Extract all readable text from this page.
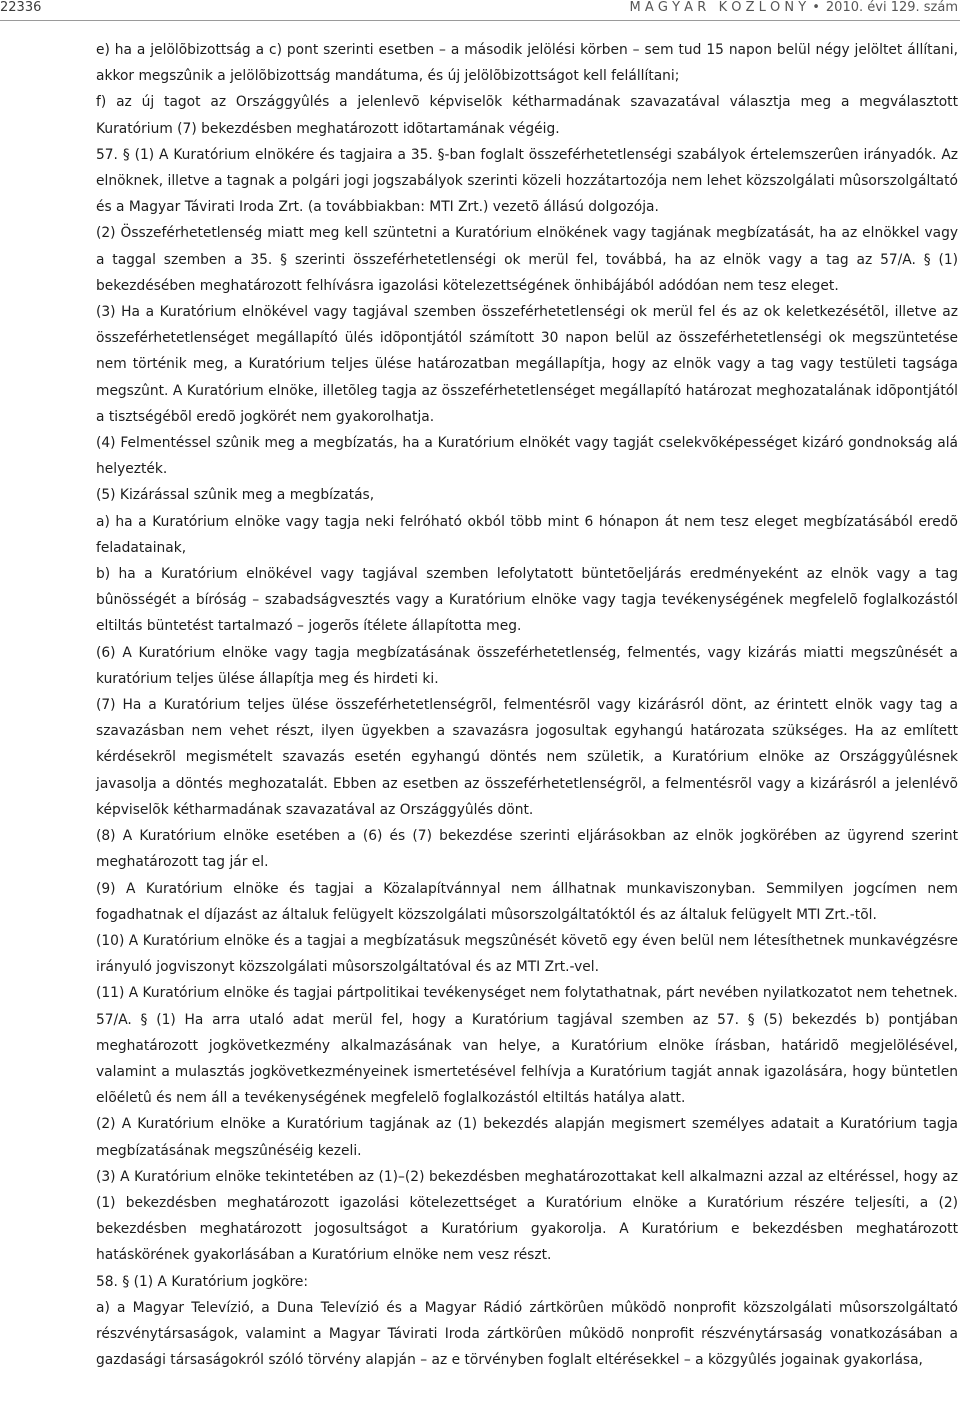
22336	M A G Y A R   K Ö Z L Ö N Y • 2010. évi 129. szám

e) ha a jelölõbizottság a c) pont szerinti esetben – a második jelölési körben – sem tud 15 napon belül négy jelöltet állítani, akkor megszûnik a jelölõbizottság mandátuma, és új jelölõbizottságot kell felállítani;

f) az új tagot az Országgyûlés a jelenlevõ képviselõk kétharmadának szavazatával választja meg a megválasztott Kuratórium (7) bekezdésben meghatározott idõtartamának végéig.

57. § (1) A Kuratórium elnökére és tagjaira a 35. §-ban foglalt összeférhetetlenségi szabályok értelemszerûen irányadók. Az elnöknek, illetve a tagnak a polgári jogi jogszabályok szerinti közeli hozzátartozója nem lehet közszolgálati mûsorszolgáltató és a Magyar Távirati Iroda Zrt. (a továbbiakban: MTI Zrt.) vezetõ állású dolgozója.

(2) Összeférhetetlenség miatt meg kell szüntetni a Kuratórium elnökének vagy tagjának megbízatását, ha az elnökkel vagy a taggal szemben a 35. § szerinti összeférhetetlenségi ok merül fel, továbbá, ha az elnök vagy a tag az 57/A. § (1) bekezdésében meghatározott felhívásra igazolási kötelezettségének önhibájából adódóan nem tesz eleget.

(3) Ha a Kuratórium elnökével vagy tagjával szemben összeférhetetlenségi ok merül fel és az ok keletkezésétõl, illetve az összeférhetetlenséget megállapító ülés idõpontjától számított 30 napon belül az összeférhetetlenségi ok megszüntetése nem történik meg, a Kuratórium teljes ülése határozatban megállapítja, hogy az elnök vagy a tag vagy testületi tagsága megszûnt. A Kuratórium elnöke, illetõleg tagja az összeférhetetlenséget megállapító határozat meghozatalának idõpontjától a tisztségébõl eredõ jogkörét nem gyakorolhatja.

(4) Felmentéssel szûnik meg a megbízatás, ha a Kuratórium elnökét vagy tagját cselekvõképességet kizáró gondnokság alá helyezték.

(5) Kizárással szûnik meg a megbízatás,

a) ha a Kuratórium elnöke vagy tagja neki felróható okból több mint 6 hónapon át nem tesz eleget megbízatásából eredõ feladatainak,

b) ha a Kuratórium elnökével vagy tagjával szemben lefolytatott büntetõeljárás eredményeként az elnök vagy a tag bûnösségét a bíróság – szabadságvesztés vagy a Kuratórium elnöke vagy tagja tevékenységének megfelelõ foglalkozástól eltiltás büntetést tartalmazó – jogerõs ítélete állapította meg.

(6) A Kuratórium elnöke vagy tagja megbízatásának összeférhetetlenség, felmentés, vagy kizárás miatti megszûnését a kuratórium teljes ülése állapítja meg és hirdeti ki.

(7) Ha a Kuratórium teljes ülése összeférhetetlenségrõl, felmentésrõl vagy kizárásról dönt, az érintett elnök vagy tag a szavazásban nem vehet részt, ilyen ügyekben a szavazásra jogosultak egyhangú határozata szükséges. Ha az említett kérdésekrõl megismételt szavazás esetén egyhangú döntés nem születik, a Kuratórium elnöke az Országgyûlésnek javasolja a döntés meghozatalát. Ebben az esetben az összeférhetetlenségrõl, a felmentésrõl vagy a kizárásról a jelenlévõ képviselõk kétharmadának szavazatával az Országgyûlés dönt.

(8) A Kuratórium elnöke esetében a (6) és (7) bekezdése szerinti eljárásokban az elnök jogkörében az ügyrend szerint meghatározott tag jár el.

(9) A Kuratórium elnöke és tagjai a Közalapítvánnyal nem állhatnak munkaviszonyban. Semmilyen jogcímen nem fogadhatnak el díjazást az általuk felügyelt közszolgálati mûsorszolgáltatóktól és az általuk felügyelt MTI Zrt.-tõl.

(10) A Kuratórium elnöke és a tagjai a megbízatásuk megszûnését követõ egy éven belül nem létesíthetnek munkavégzésre irányuló jogviszonyt közszolgálati mûsorszolgáltatóval és az MTI Zrt.-vel.

(11) A Kuratórium elnöke és tagjai pártpolitikai tevékenységet nem folytathatnak, párt nevében nyilatkozatot nem tehetnek.

57/A. § (1) Ha arra utaló adat merül fel, hogy a Kuratórium tagjával szemben az 57. § (5) bekezdés b) pontjában meghatározott jogkövetkezmény alkalmazásának van helye, a Kuratórium elnöke írásban, határidõ megjelölésével, valamint a mulasztás jogkövetkezményeinek ismertetésével felhívja a Kuratórium tagját annak igazolására, hogy büntetlen elõéletû és nem áll a tevékenységének megfelelõ foglalkozástól eltiltás hatálya alatt.

(2) A Kuratórium elnöke a Kuratórium tagjának az (1) bekezdés alapján megismert személyes adatait a Kuratórium tagja megbízatásának megszûnéséig kezeli.

(3) A Kuratórium elnöke tekintetében az (1)–(2) bekezdésben meghatározottakat kell alkalmazni azzal az eltéréssel, hogy az (1) bekezdésben meghatározott igazolási kötelezettséget a Kuratórium elnöke a Kuratórium részére teljesíti, a (2) bekezdésben meghatározott jogosultságot a Kuratórium gyakorolja. A Kuratórium e bekezdésben meghatározott hatáskörének gyakorlásában a Kuratórium elnöke nem vesz részt.

58. § (1) A Kuratórium jogköre:

a) a Magyar Televízió, a Duna Televízió és a Magyar Rádió zártkörûen mûködõ nonprofit közszolgálati mûsorszolgáltató részvénytársaságok, valamint a Magyar Távirati Iroda zártkörûen mûködõ nonprofit részvénytársaság vonatkozásában a gazdasági társaságokról szóló törvény alapján – az e törvényben foglalt eltérésekkel – a közgyûlés jogainak gyakorlása,
